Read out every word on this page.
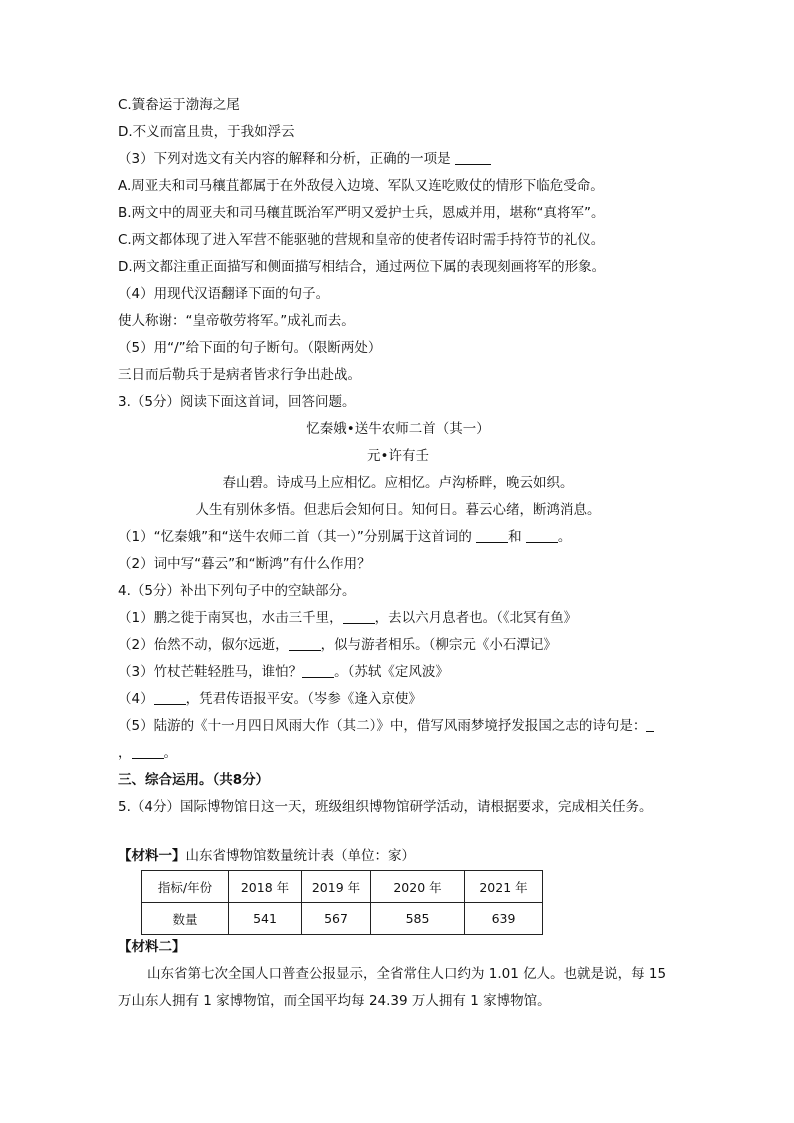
C.簀畚运于渤海之尾
D.不义而富且贵，于我如浮云
（3）下列对选文有关内容的解释和分析，正确的一项是
A.周亚夫和司马穰苴都属于在外敌侵入边境、军队又连吃败仗的情形下临危受命。
B.两文中的周亚夫和司马穰苴既治军严明又爱护士兵，恩威并用，堪称“真将军”。
C.两文都体现了进入军营不能驱驰的营规和皇帝的使者传诏时需手持符节的礼仪。
D.两文都注重正面描写和侧面描写相结合，通过两位下属的表现刻画将军的形象。
（4）用现代汉语翻译下面的句子。
使人称谢：“皇帝敬劳将军。”成礼而去。
（5）用“/”给下面的句子断句。（限断两处）
三日而后勒兵于是病者皆求行争出赴战。
3.（5分）阅读下面这首词，回答问题。
忆秦娥•送牛农师二首（其一）
元•许有壬
春山碧。诗成马上应相忆。应相忆。卢沟桥畔，晚云如织。
人生有别休多悟。但悲后会知何日。知何日。暮云心绪，断鸿消息。
（1）“忆秦娥”和“送牛农师二首（其一）”分别属于这首词的 和 。
（2）词中写“暮云”和“断鸿”有什么作用？
4.（5分）补出下列句子中的空缺部分。
（1）鹏之徙于南冥也，水击三千里， ，去以六月息者也。（《北冥有鱼》
（2）佁然不动，俶尔远逝， ，似与游者相乐。（柳宗元《小石潭记》
（3）竹杖芒鞋轻胜马，谁怕？ 。（苏轼《定风波》
（4） ，凭君传语报平安。（岑参《逢入京使》
（5）陆游的《十一月四日风雨大作（其二）》中，借写风雨梦境抒发报国之志的诗句是：
， 。
三、综合运用。（共8分）
5.（4分）国际博物馆日这一天，班级组织博物馆研学活动，请根据要求，完成相关任务。
【材料一】山东省博物馆数量统计表（单位：家）
指标/年份	2018 年	2019 年	2020 年	2021 年
数量	541	567	585	639
【材料二】
山东省第七次全国人口普查公报显示，全省常住人口约为 1.01 亿人。也就是说，每 15 万山东人拥有 1 家博物馆，而全国平均每 24.39 万人拥有 1 家博物馆。
